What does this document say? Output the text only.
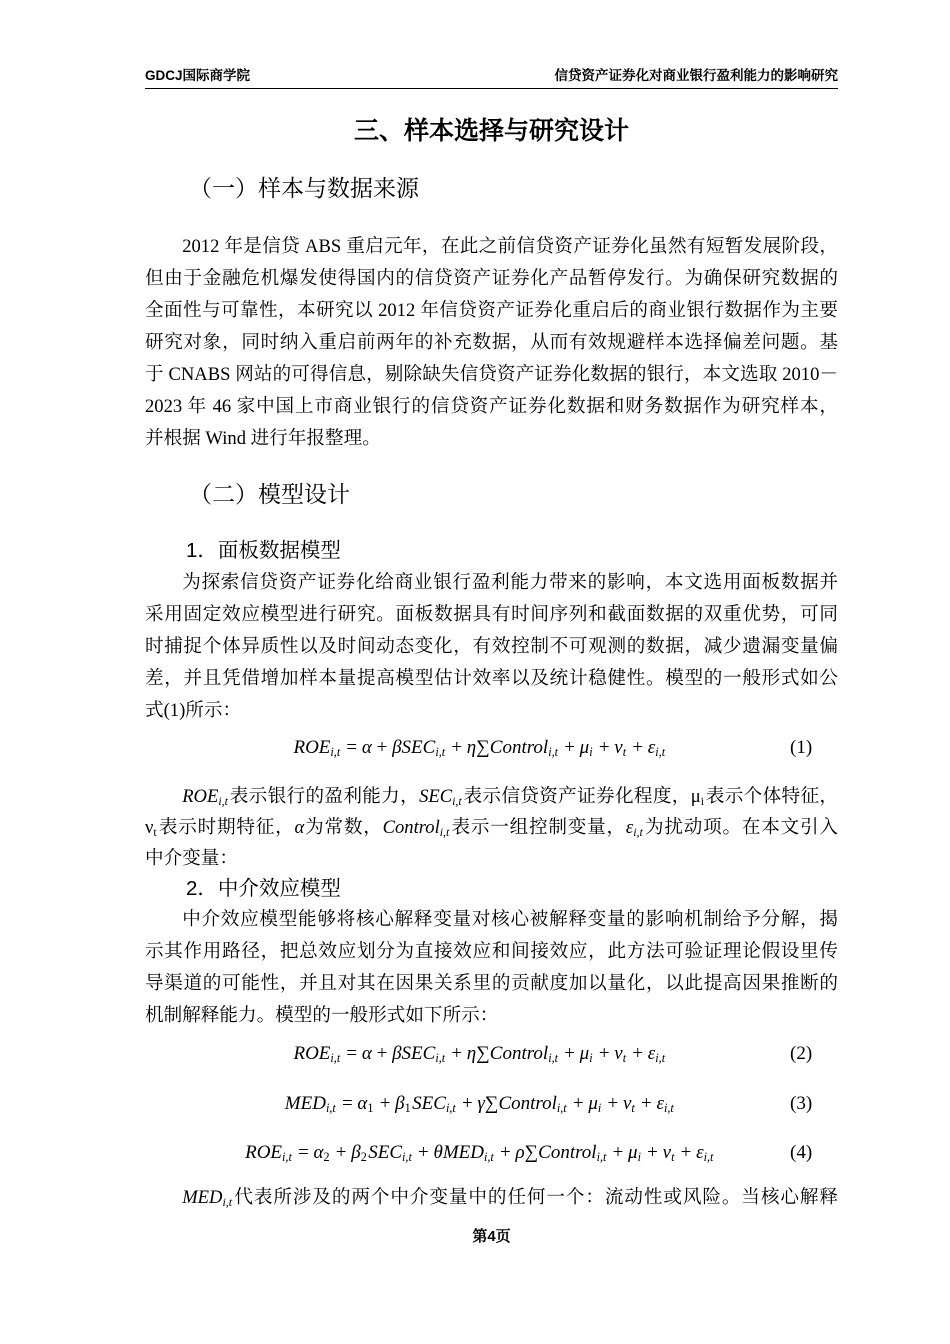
GDCJ国际商学院	信贷资产证券化对商业银行盈利能力的影响研究
三、样本选择与研究设计
（一）样本与数据来源
2012 年是信贷 ABS 重启元年，在此之前信贷资产证券化虽然有短暂发展阶段，
但由于金融危机爆发使得国内的信贷资产证券化产品暂停发行。为确保研究数据的
全面性与可靠性，本研究以 2012 年信贷资产证券化重启后的商业银行数据作为主要
研究对象，同时纳入重启前两年的补充数据，从而有效规避样本选择偏差问题。基
于 CNABS 网站的可得信息，剔除缺失信贷资产证券化数据的银行，本文选取 2010－
2023 年 46 家中国上市商业银行的信贷资产证券化数据和财务数据作为研究样本，
并根据 Wind 进行年报整理。
（二）模型设计
1．面板数据模型
为探索信贷资产证券化给商业银行盈利能力带来的影响，本文选用面板数据并
采用固定效应模型进行研究。面板数据具有时间序列和截面数据的双重优势，可同
时捕捉个体异质性以及时间动态变化，有效控制不可观测的数据，减少遗漏变量偏
差，并且凭借增加样本量提高模型估计效率以及统计稳健性。模型的一般形式如公
式(1)所示：
$ROE_{i,t} = \alpha + \beta SEC_{i,t}$ + η∑Control$_{i,t}$ + $\mu_i + \nu_t + \varepsilon_{i,t}$	(1)
$ROE_{i,t}$表示银行的盈利能力，$SEC_{i,t}$表示信贷资产证券化程度，$\mu_i$表示个体特征，
$\nu_t$表示时期特征，α为常数，Control$_{i,t}$表示一组控制变量，$\varepsilon_{i,t}$为扰动项。在本文引入
中介变量：
2．中介效应模型
中介效应模型能够将核心解释变量对核心被解释变量的影响机制给予分解，揭
示其作用路径，把总效应划分为直接效应和间接效应，此方法可验证理论假设里传
导渠道的可能性，并且对其在因果关系里的贡献度加以量化，以此提高因果推断的
机制解释能力。模型的一般形式如下所示：
$ROE_{i,t} = \alpha + \beta SEC_{i,t}$ + η∑Control$_{i,t}$ + $\mu_i + \nu_t + \varepsilon_{i,t}$	(2)
$MED_{i,t} = \alpha_1 + \beta_1SEC_{i,t}$ + γ∑Control$_{i,t}$ + $\mu_i + \nu_t + \varepsilon_{i,t}$	(3)
$ROE_{i,t} = \alpha_2 + \beta_2SEC_{i,t} + \theta MED_{i,t}$ + ρ∑Control$_{i,t}$ + $\mu_i + \nu_t + \varepsilon_{i,t}$	(4)
$MED_{i,t}$代表所涉及的两个中介变量中的任何一个：流动性或风险。当核心解释
第4页
